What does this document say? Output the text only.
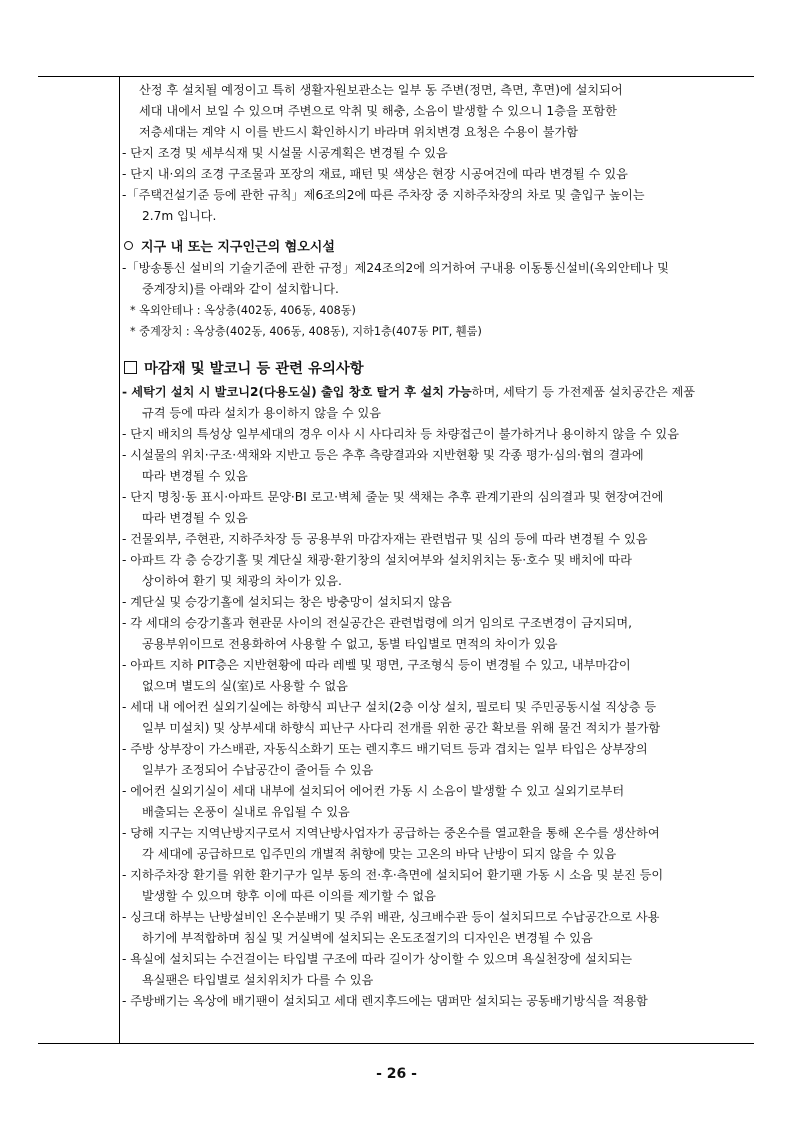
산정 후 설치될 예정이고 특히 생활자원보관소는 일부 동 주변(정면, 측면, 후면)에 설치되어
세대 내에서 보일 수 있으며 주변으로 악취 및 해충, 소음이 발생할 수 있으니 1층을 포함한
저층세대는 계약 시 이를 반드시 확인하시기 바라며 위치변경 요청은 수용이 불가함
- 단지 조경 및 세부식재 및 시설물 시공계획은 변경될 수 있음
- 단지 내·외의 조경 구조물과 포장의 재료, 패턴 및 색상은 현장 시공여건에 따라 변경될 수 있음
-「주택건설기준 등에 관한 규칙」제6조의2에 따른 주차장 중 지하주차장의 차로 및 출입구 높이는
2.7m 입니다.
지구 내 또는 지구인근의 혐오시설
-「방송통신 설비의 기술기준에 관한 규정」제24조의2에 의거하여 구내용 이동통신설비(옥외안테나 및
중계장치)를 아래와 같이 설치합니다.
* 옥외안테나 : 옥상층(402동, 406동, 408동)
* 중계장치 : 옥상층(402동, 406동, 408동), 지하1층(407동 PIT, 휀룸)
마감재 및 발코니 등 관련 유의사항
- 세탁기 설치 시 발코니2(다용도실) 출입 창호 탈거 후 설치 가능하며, 세탁기 등 가전제품 설치공간은 제품
규격 등에 따라 설치가 용이하지 않을 수 있음
- 단지 배치의 특성상 일부세대의 경우 이사 시 사다리차 등 차량접근이 불가하거나 용이하지 않을 수 있음
- 시설물의 위치·구조·색채와 지반고 등은 추후 측량결과와 지반현황 및 각종 평가·심의·협의 결과에
따라 변경될 수 있음
- 단지 명칭·동 표시·아파트 문양·BI 로고·벽체 줄눈 및 색채는 추후 관계기관의 심의결과 및 현장여건에
따라 변경될 수 있음
- 건물외부, 주현관, 지하주차장 등 공용부위 마감자재는 관련법규 및 심의 등에 따라 변경될 수 있음
- 아파트 각 층 승강기홀 및 계단실 채광·환기창의 설치여부와 설치위치는 동·호수 및 배치에 따라
상이하여 환기 및 채광의 차이가 있음.
- 계단실 및 승강기홀에 설치되는 창은 방충망이 설치되지 않음
- 각 세대의 승강기홀과 현관문 사이의 전실공간은 관련법령에 의거 임의로 구조변경이 금지되며,
공용부위이므로 전용화하여 사용할 수 없고, 동별 타입별로 면적의 차이가 있음
- 아파트 지하 PIT층은 지반현황에 따라 레벨 및 평면, 구조형식 등이 변경될 수 있고, 내부마감이
없으며 별도의 실(室)로 사용할 수 없음
- 세대 내 에어컨 실외기실에는 하향식 피난구 설치(2층 이상 설치, 필로티 및 주민공동시설 직상층 등
일부 미설치) 및 상부세대 하향식 피난구 사다리 전개를 위한 공간 확보를 위해 물건 적치가 불가함
- 주방 상부장이 가스배관, 자동식소화기 또는 렌지후드 배기덕트 등과 겹치는 일부 타입은 상부장의
일부가 조정되어 수납공간이 줄어들 수 있음
- 에어컨 실외기실이 세대 내부에 설치되어 에어컨 가동 시 소음이 발생할 수 있고 실외기로부터
배출되는 온풍이 실내로 유입될 수 있음
- 당해 지구는 지역난방지구로서 지역난방사업자가 공급하는 중온수를 열교환을 통해 온수를 생산하여
각 세대에 공급하므로 입주민의 개별적 취향에 맞는 고온의 바닥 난방이 되지 않을 수 있음
- 지하주차장 환기를 위한 환기구가 일부 동의 전·후·측면에 설치되어 환기팬 가동 시 소음 및 분진 등이
발생할 수 있으며 향후 이에 따른 이의를 제기할 수 없음
- 싱크대 하부는 난방설비인 온수분배기 및 주위 배관, 싱크배수관 등이 설치되므로 수납공간으로 사용
하기에 부적합하며 침실 및 거실벽에 설치되는 온도조절기의 디자인은 변경될 수 있음
- 욕실에 설치되는 수건걸이는 타입별 구조에 따라 길이가 상이할 수 있으며 욕실천장에 설치되는
욕실팬은 타입별로 설치위치가 다를 수 있음
- 주방배기는 옥상에 배기팬이 설치되고 세대 렌지후드에는 댐퍼만 설치되는 공동배기방식을 적용함
- 26 -
